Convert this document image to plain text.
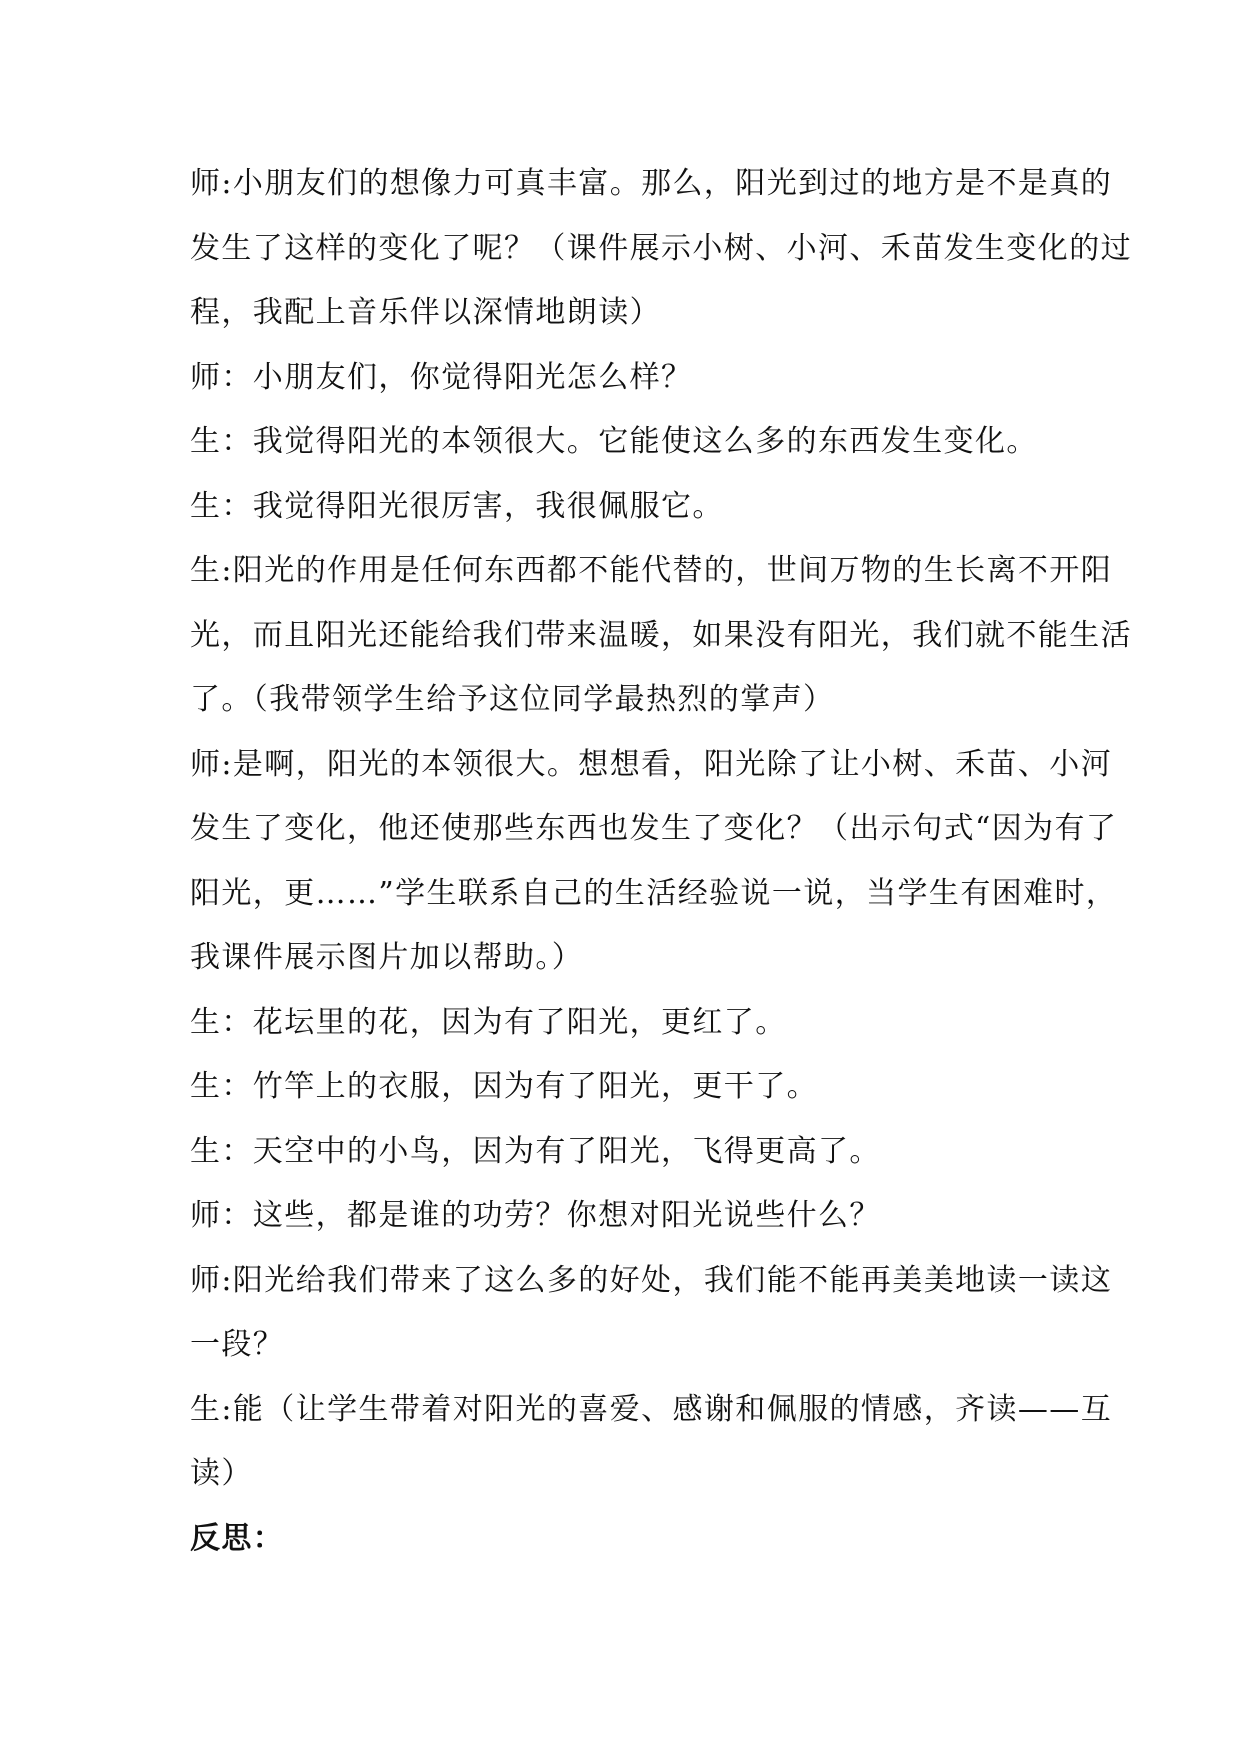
师:小朋友们的想像力可真丰富。那么，阳光到过的地方是不是真的
发生了这样的变化了呢？（课件展示小树、小河、禾苗发生变化的过
程，我配上音乐伴以深情地朗读）
师：小朋友们，你觉得阳光怎么样？
生：我觉得阳光的本领很大。它能使这么多的东西发生变化。
生：我觉得阳光很厉害，我很佩服它。
生:阳光的作用是任何东西都不能代替的，世间万物的生长离不开阳
光，而且阳光还能给我们带来温暖，如果没有阳光，我们就不能生活
了。（我带领学生给予这位同学最热烈的掌声）
师:是啊，阳光的本领很大。想想看，阳光除了让小树、禾苗、小河
发生了变化，他还使那些东西也发生了变化？（出示句式“因为有了
阳光，更……”学生联系自己的生活经验说一说，当学生有困难时，
我课件展示图片加以帮助。）
生：花坛里的花，因为有了阳光，更红了。
生：竹竿上的衣服，因为有了阳光，更干了。
生：天空中的小鸟，因为有了阳光，飞得更高了。
师：这些，都是谁的功劳？你想对阳光说些什么？
师:阳光给我们带来了这么多的好处，我们能不能再美美地读一读这
一段？
生:能（让学生带着对阳光的喜爱、感谢和佩服的情感，齐读——互
读）
反思：
